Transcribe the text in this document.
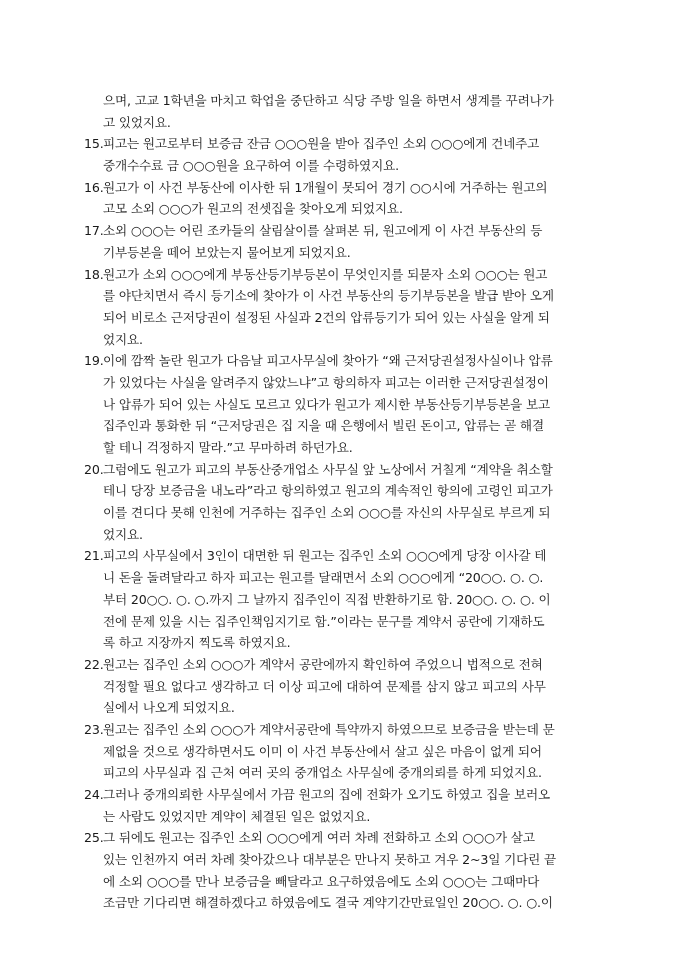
으며, 고교 1학년을 마치고 학업을 중단하고 식당 주방 일을 하면서 생계를 꾸려나가
고 있었지요.
15.피고는 원고로부터 보증금 잔금 ○○○원을 받아 집주인 소외 ○○○에게 건네주고
중개수수료 금 ○○○원을 요구하여 이를 수령하였지요.
16.원고가 이 사건 부동산에 이사한 뒤 1개월이 못되어 경기 ○○시에 거주하는 원고의
고모 소외 ○○○가 원고의 전셋집을 찾아오게 되었지요.
17.소외 ○○○는 어린 조카들의 살림살이를 살펴본 뒤, 원고에게 이 사건 부동산의 등
기부등본을 떼어 보았는지 물어보게 되었지요.
18.원고가 소외 ○○○에게 부동산등기부등본이 무엇인지를 되묻자 소외 ○○○는 원고
를 야단치면서 즉시 등기소에 찾아가 이 사건 부동산의 등기부등본을 발급 받아 오게
되어 비로소 근저당권이 설정된 사실과 2건의 압류등기가 되어 있는 사실을 알게 되
었지요.
19.이에 깜짝 놀란 원고가 다음날 피고사무실에 찾아가 “왜 근저당권설정사실이나 압류
가 있었다는 사실을 알려주지 않았느냐”고 항의하자 피고는 이러한 근저당권설정이
나 압류가 되어 있는 사실도 모르고 있다가 원고가 제시한 부동산등기부등본을 보고
집주인과 통화한 뒤 “근저당권은 집 지을 때 은행에서 빌린 돈이고, 압류는 곧 해결
할 테니 걱정하지 말라.”고 무마하려 하던가요.
20.그럼에도 원고가 피고의 부동산중개업소 사무실 앞 노상에서 거칠게 “계약을 취소할
테니 당장 보증금을 내노라”라고 항의하였고 원고의 계속적인 항의에 고령인 피고가
이를 견디다 못해 인천에 거주하는 집주인 소외 ○○○를 자신의 사무실로 부르게 되
었지요.
21.피고의 사무실에서 3인이 대면한 뒤 원고는 집주인 소외 ○○○에게 당장 이사갈 테
니 돈을 돌려달라고 하자 피고는 원고를 달래면서 소외 ○○○에게 “20○○. ○. ○.
부터 20○○. ○. ○.까지 그 날까지 집주인이 직접 반환하기로 함. 20○○. ○. ○. 이
전에 문제 있을 시는 집주인책임지기로 함.”이라는 문구를 계약서 공란에 기재하도
록 하고 지장까지 찍도록 하였지요.
22.원고는 집주인 소외 ○○○가 계약서 공란에까지 확인하여 주었으니 법적으로 전혀
걱정할 필요 없다고 생각하고 더 이상 피고에 대하여 문제를 삼지 않고 피고의 사무
실에서 나오게 되었지요.
23.원고는 집주인 소외 ○○○가 계약서공란에 특약까지 하였으므로 보증금을 받는데 문
제없을 것으로 생각하면서도 이미 이 사건 부동산에서 살고 싶은 마음이 없게 되어
피고의 사무실과 집 근처 여러 곳의 중개업소 사무실에 중개의뢰를 하게 되었지요.
24.그러나 중개의뢰한 사무실에서 가끔 원고의 집에 전화가 오기도 하였고 집을 보러오
는 사람도 있었지만 계약이 체결된 일은 없었지요.
25.그 뒤에도 원고는 집주인 소외 ○○○에게 여러 차례 전화하고 소외 ○○○가 살고
있는 인천까지 여러 차례 찾아갔으나 대부분은 만나지 못하고 겨우 2~3일 기다린 끝
에 소외 ○○○를 만나 보증금을 빼달라고 요구하였음에도 소외 ○○○는 그때마다
조금만 기다리면 해결하겠다고 하였음에도 결국 계약기간만료일인 20○○. ○. ○.이
